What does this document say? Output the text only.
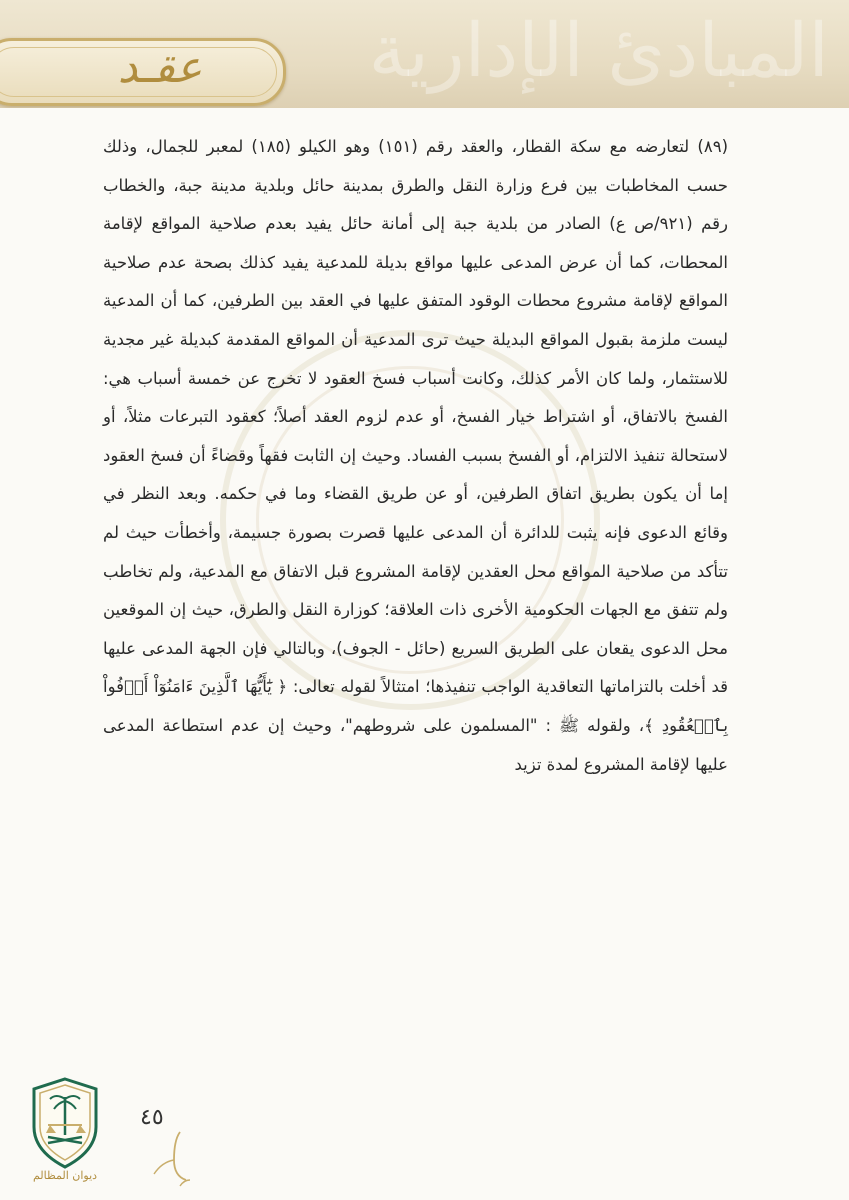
المبادئ الإدارية
عقـد

(٨٩) لتعارضه مع سكة القطار، والعقد رقم (١٥١) وهو الكيلو (١٨٥) لمعبر للجمال، وذلك حسب المخاطبات بين فرع وزارة النقل والطرق بمدينة حائل وبلدية مدينة جبة، والخطاب رقم (٩٢١/ص ع) الصادر من بلدية جبة إلى أمانة حائل يفيد بعدم صلاحية المواقع لإقامة المحطات، كما أن عرض المدعى عليها مواقع بديلة للمدعية يفيد كذلك بصحة عدم صلاحية المواقع لإقامة مشروع محطات الوقود المتفق عليها في العقد بين الطرفين، كما أن المدعية ليست ملزمة بقبول المواقع البديلة حيث ترى المدعية أن المواقع المقدمة كبديلة غير مجدية للاستثمار، ولما كان الأمر كذلك، وكانت أسباب فسخ العقود لا تخرج عن خمسة أسباب هي: الفسخ بالاتفاق، أو اشتراط خيار الفسخ، أو عدم لزوم العقد أصلاً؛ كعقود التبرعات مثلاً، أو لاستحالة تنفيذ الالتزام، أو الفسخ بسبب الفساد. وحيث إن الثابت فقهاً وقضاءً أن فسخ العقود إما أن يكون بطريق اتفاق الطرفين، أو عن طريق القضاء وما في حكمه. وبعد النظر في وقائع الدعوى فإنه يثبت للدائرة أن المدعى عليها قصرت بصورة جسيمة، وأخطأت حيث لم تتأكد من صلاحية المواقع محل العقدين لإقامة المشروع قبل الاتفاق مع المدعية، ولم تخاطب ولم تتفق مع الجهات الحكومية الأخرى ذات العلاقة؛ كوزارة النقل والطرق، حيث إن الموقعين محل الدعوى يقعان على الطريق السريع (حائل - الجوف)، وبالتالي فإن الجهة المدعى عليها قد أخلت بالتزاماتها التعاقدية الواجب تنفيذها؛ امتثالاً لقوله تعالى: ﴿ يَٰٓأَيُّهَا ٱلَّذِينَ ءَامَنُوٓاْ أَوۡفُواْ بِٱلۡعُقُودِ ﴾، ولقوله ﷺ : "المسلمون على شروطهم"، وحيث إن عدم استطاعة المدعى عليها لإقامة المشروع لمدة تزيد

ديوان المظالم
٤٥
